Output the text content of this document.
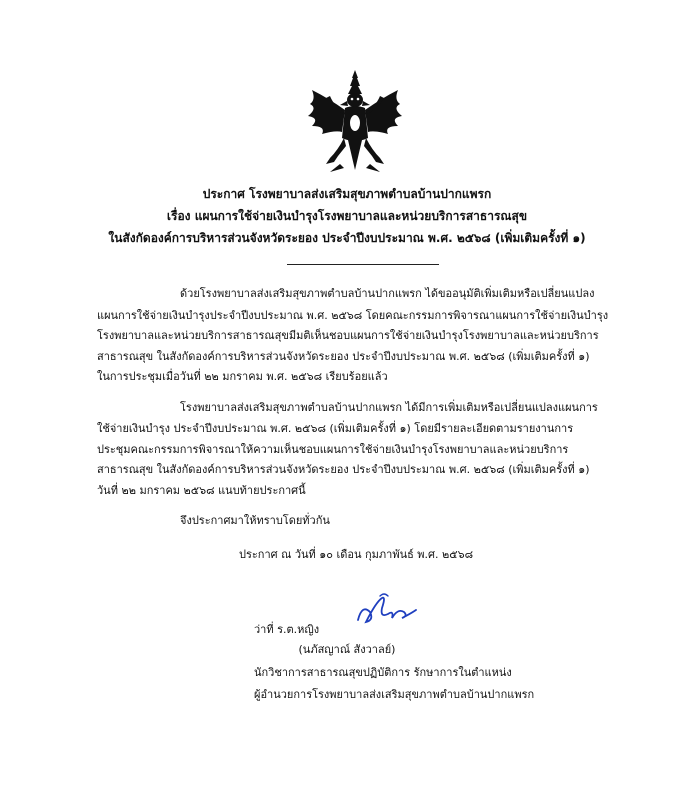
ประกาศ โรงพยาบาลส่งเสริมสุขภาพตำบลบ้านปากแพรก
เรื่อง แผนการใช้จ่ายเงินบำรุงโรงพยาบาลและหน่วยบริการสาธารณสุข
ในสังกัดองค์การบริหารส่วนจังหวัดระยอง ประจำปีงบประมาณ พ.ศ. ๒๕๖๘ (เพิ่มเติมครั้งที่ ๑)
ด้วยโรงพยาบาลส่งเสริมสุขภาพตำบลบ้านปากแพรก ได้ขออนุมัติเพิ่มเติมหรือเปลี่ยนแปลง
แผนการใช้จ่ายเงินบำรุงประจำปีงบประมาณ พ.ศ. ๒๕๖๘ โดยคณะกรรมการพิจารณาแผนการใช้จ่ายเงินบำรุง
โรงพยาบาลและหน่วยบริการสาธารณสุขมีมติเห็นชอบแผนการใช้จ่ายเงินบำรุงโรงพยาบาลและหน่วยบริการ
สาธารณสุข ในสังกัดองค์การบริหารส่วนจังหวัดระยอง ประจำปีงบประมาณ พ.ศ. ๒๕๖๘ (เพิ่มเติมครั้งที่ ๑)
ในการประชุมเมื่อวันที่ ๒๒ มกราคม พ.ศ. ๒๕๖๘ เรียบร้อยแล้ว
โรงพยาบาลส่งเสริมสุขภาพตำบลบ้านปากแพรก ได้มีการเพิ่มเติมหรือเปลี่ยนแปลงแผนการ
ใช้จ่ายเงินบำรุง ประจำปีงบประมาณ พ.ศ. ๒๕๖๘ (เพิ่มเติมครั้งที่ ๑) โดยมีรายละเอียดตามรายงานการ
ประชุมคณะกรรมการพิจารณาให้ความเห็นชอบแผนการใช้จ่ายเงินบำรุงโรงพยาบาลและหน่วยบริการ
สาธารณสุข ในสังกัดองค์การบริหารส่วนจังหวัดระยอง ประจำปีงบประมาณ พ.ศ. ๒๕๖๘ (เพิ่มเติมครั้งที่ ๑)
วันที่ ๒๒ มกราคม ๒๕๖๘ แนบท้ายประกาศนี้
จึงประกาศมาให้ทราบโดยทั่วกัน
ประกาศ ณ วันที่ ๑๐ เดือน กุมภาพันธ์ พ.ศ. ๒๕๖๘
ว่าที่ ร.ต.หญิง
(นภัสญาณ์ สังวาลย์)
นักวิชาการสาธารณสุขปฏิบัติการ รักษาการในตำแหน่ง
ผู้อำนวยการโรงพยาบาลส่งเสริมสุขภาพตำบลบ้านปากแพรก
